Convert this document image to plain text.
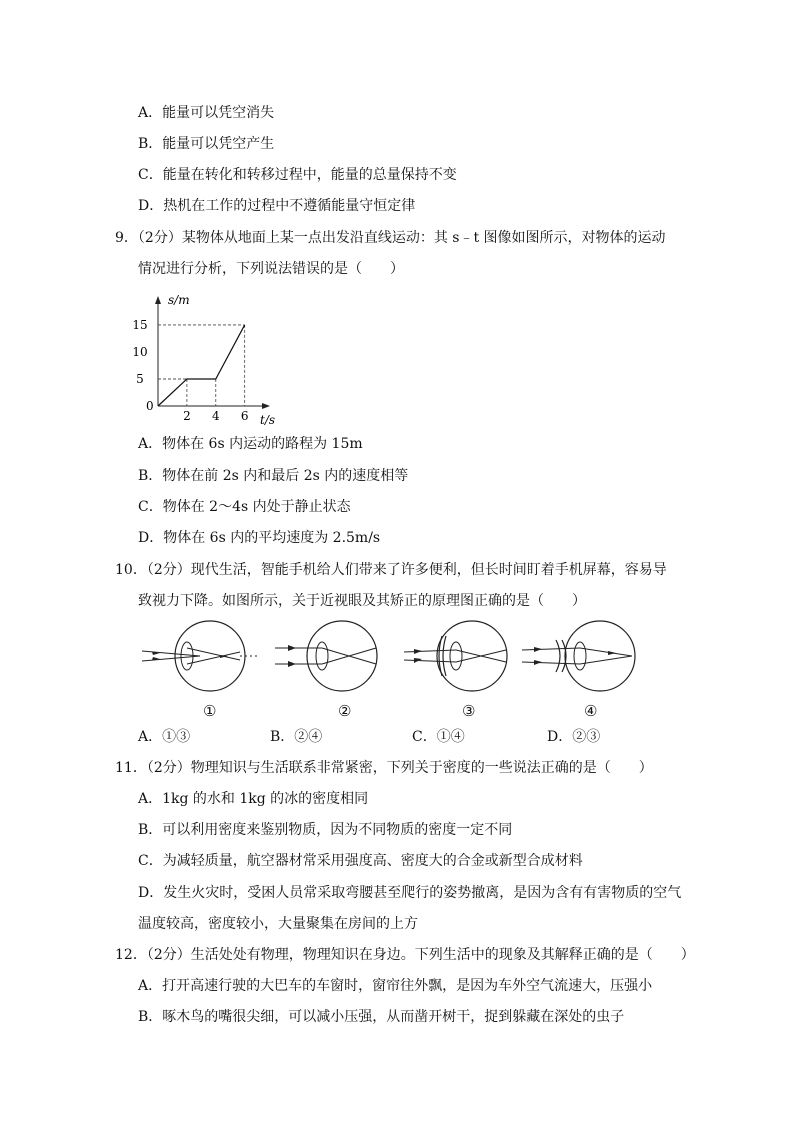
A．能量可以凭空消失
B．能量可以凭空产生
C．能量在转化和转移过程中，能量的总量保持不变
D．热机在工作的过程中不遵循能量守恒定律
9．（2分）某物体从地面上某一点出发沿直线运动：其 s﹣t 图像如图所示，对物体的运动
情况进行分析，下列说法错误的是（　　）
s/m
t/s
0
5
10
15
2 4 6
A．物体在 6s 内运动的路程为 15m
B．物体在前 2s 内和最后 2s 内的速度相等
C．物体在 2～4s 内处于静止状态
D．物体在 6s 内的平均速度为 2.5m/s
10．（2分）现代生活，智能手机给人们带来了许多便利，但长时间盯着手机屏幕，容易导
致视力下降。如图所示，关于近视眼及其矫正的原理图正确的是（　　）
①	②	③	④
A．①③	B．②④	C．①④	D．②③
11．（2分）物理知识与生活联系非常紧密，下列关于密度的一些说法正确的是（　　）
A．1kg 的水和 1kg 的冰的密度相同
B．可以利用密度来鉴别物质，因为不同物质的密度一定不同
C．为减轻质量，航空器材常采用强度高、密度大的合金或新型合成材料
D．发生火灾时，受困人员常采取弯腰甚至爬行的姿势撤离，是因为含有有害物质的空气
温度较高，密度较小，大量聚集在房间的上方
12．（2分）生活处处有物理，物理知识在身边。下列生活中的现象及其解释正确的是（　　）
A．打开高速行驶的大巴车的车窗时，窗帘往外飘，是因为车外空气流速大，压强小
B．啄木鸟的嘴很尖细，可以减小压强，从而凿开树干，捉到躲藏在深处的虫子
